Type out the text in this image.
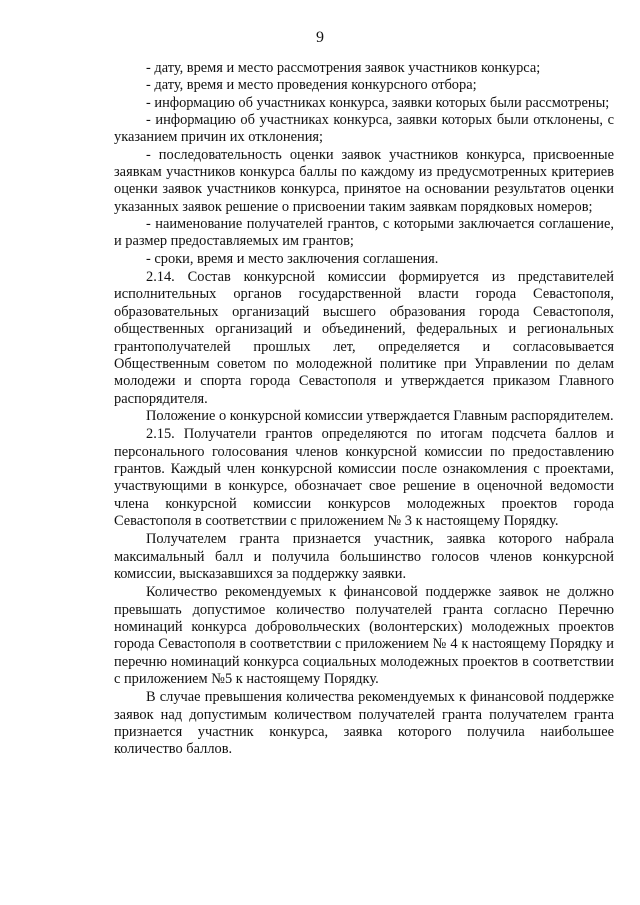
9

- дату, время и место рассмотрения заявок участников конкурса;

- дату, время и место проведения конкурсного отбора;

- информацию об участниках конкурса, заявки которых были рассмотрены;

- информацию об участниках конкурса, заявки которых были отклонены, с указанием причин их отклонения;

- последовательность оценки заявок участников конкурса, присвоенные заявкам участников конкурса баллы по каждому из предусмотренных критериев оценки заявок участников конкурса, принятое на основании результатов оценки указанных заявок решение о присвоении таким заявкам порядковых номеров;

- наименование получателей грантов, с которыми заключается соглашение, и размер предоставляемых им грантов;

- сроки, время и место заключения соглашения.

2.14. Состав конкурсной комиссии формируется из представителей исполнительных органов государственной власти города Севастополя, образовательных организаций высшего образования города Севастополя, общественных организаций и объединений, федеральных и региональных грантополучателей прошлых лет, определяется и согласовывается Общественным советом по молодежной политике при Управлении по делам молодежи и спорта города Севастополя и утверждается приказом Главного распорядителя.

Положение о конкурсной комиссии утверждается Главным распорядителем.

2.15. Получатели грантов определяются по итогам подсчета баллов и персонального голосования членов конкурсной комиссии по предоставлению грантов. Каждый член конкурсной комиссии после ознакомления с проектами, участвующими в конкурсе, обозначает свое решение в оценочной ведомости члена конкурсной комиссии конкурсов молодежных проектов города Севастополя в соответствии с приложением № 3 к настоящему Порядку.

Получателем гранта признается участник, заявка которого набрала максимальный балл и получила большинство голосов членов конкурсной комиссии, высказавшихся за поддержку заявки.

Количество рекомендуемых к финансовой поддержке заявок не должно превышать допустимое количество получателей гранта согласно Перечню номинаций конкурса добровольческих (волонтерских) молодежных проектов города Севастополя в соответствии с приложением № 4 к настоящему Порядку и перечню номинаций конкурса социальных молодежных проектов в соответствии с приложением №5 к настоящему Порядку.

В случае превышения количества рекомендуемых к финансовой поддержке заявок над допустимым количеством получателей гранта получателем гранта признается участник конкурса, заявка которого получила наибольшее количество баллов.
